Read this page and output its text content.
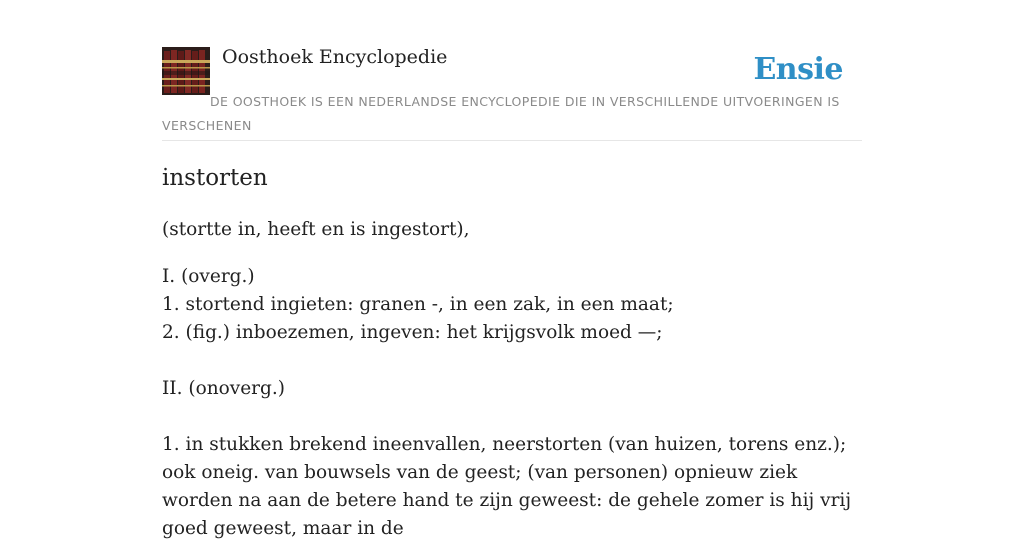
Oosthoek Encyclopedie	Ensie
DE OOSTHOEK IS EEN NEDERLANDSE ENCYCLOPEDIE DIE IN VERSCHILLENDE UITVOERINGEN IS VERSCHENEN
instorten

(stortte in, heeft en is ingestort),

I. (overg.)

1. stortend ingieten: granen -, in een zak, in een maat;

2. (fig.) inboezemen, ingeven: het krijgsvolk moed —;

II. (onoverg.)

1. in stukken brekend ineenvallen, neerstorten (van huizen, torens enz.); ook oneig. van bouwsels van de geest; (van personen) opnieuw ziek worden na aan de betere hand te zijn geweest: de gehele zomer is hij vrij goed geweest, maar in de
